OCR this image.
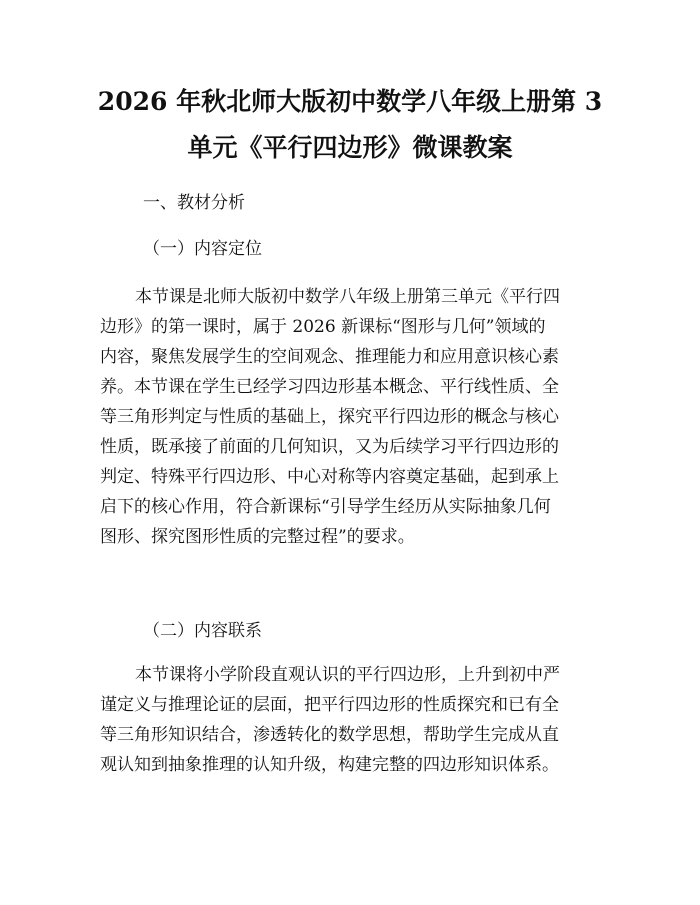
2026 年秋北师大版初中数学八年级上册第 3
单元《平行四边形》微课教案
一、教材分析
（一）内容定位
本节课是北师大版初中数学八年级上册第三单元《平行四
边形》的第一课时，属于 2026 新课标“图形与几何”领域的
内容，聚焦发展学生的空间观念、推理能力和应用意识核心素
养。本节课在学生已经学习四边形基本概念、平行线性质、全
等三角形判定与性质的基础上，探究平行四边形的概念与核心
性质，既承接了前面的几何知识，又为后续学习平行四边形的
判定、特殊平行四边形、中心对称等内容奠定基础，起到承上
启下的核心作用，符合新课标“引导学生经历从实际抽象几何
图形、探究图形性质的完整过程”的要求。
（二）内容联系
本节课将小学阶段直观认识的平行四边形，上升到初中严
谨定义与推理论证的层面，把平行四边形的性质探究和已有全
等三角形知识结合，渗透转化的数学思想，帮助学生完成从直
观认知到抽象推理的认知升级，构建完整的四边形知识体系。
